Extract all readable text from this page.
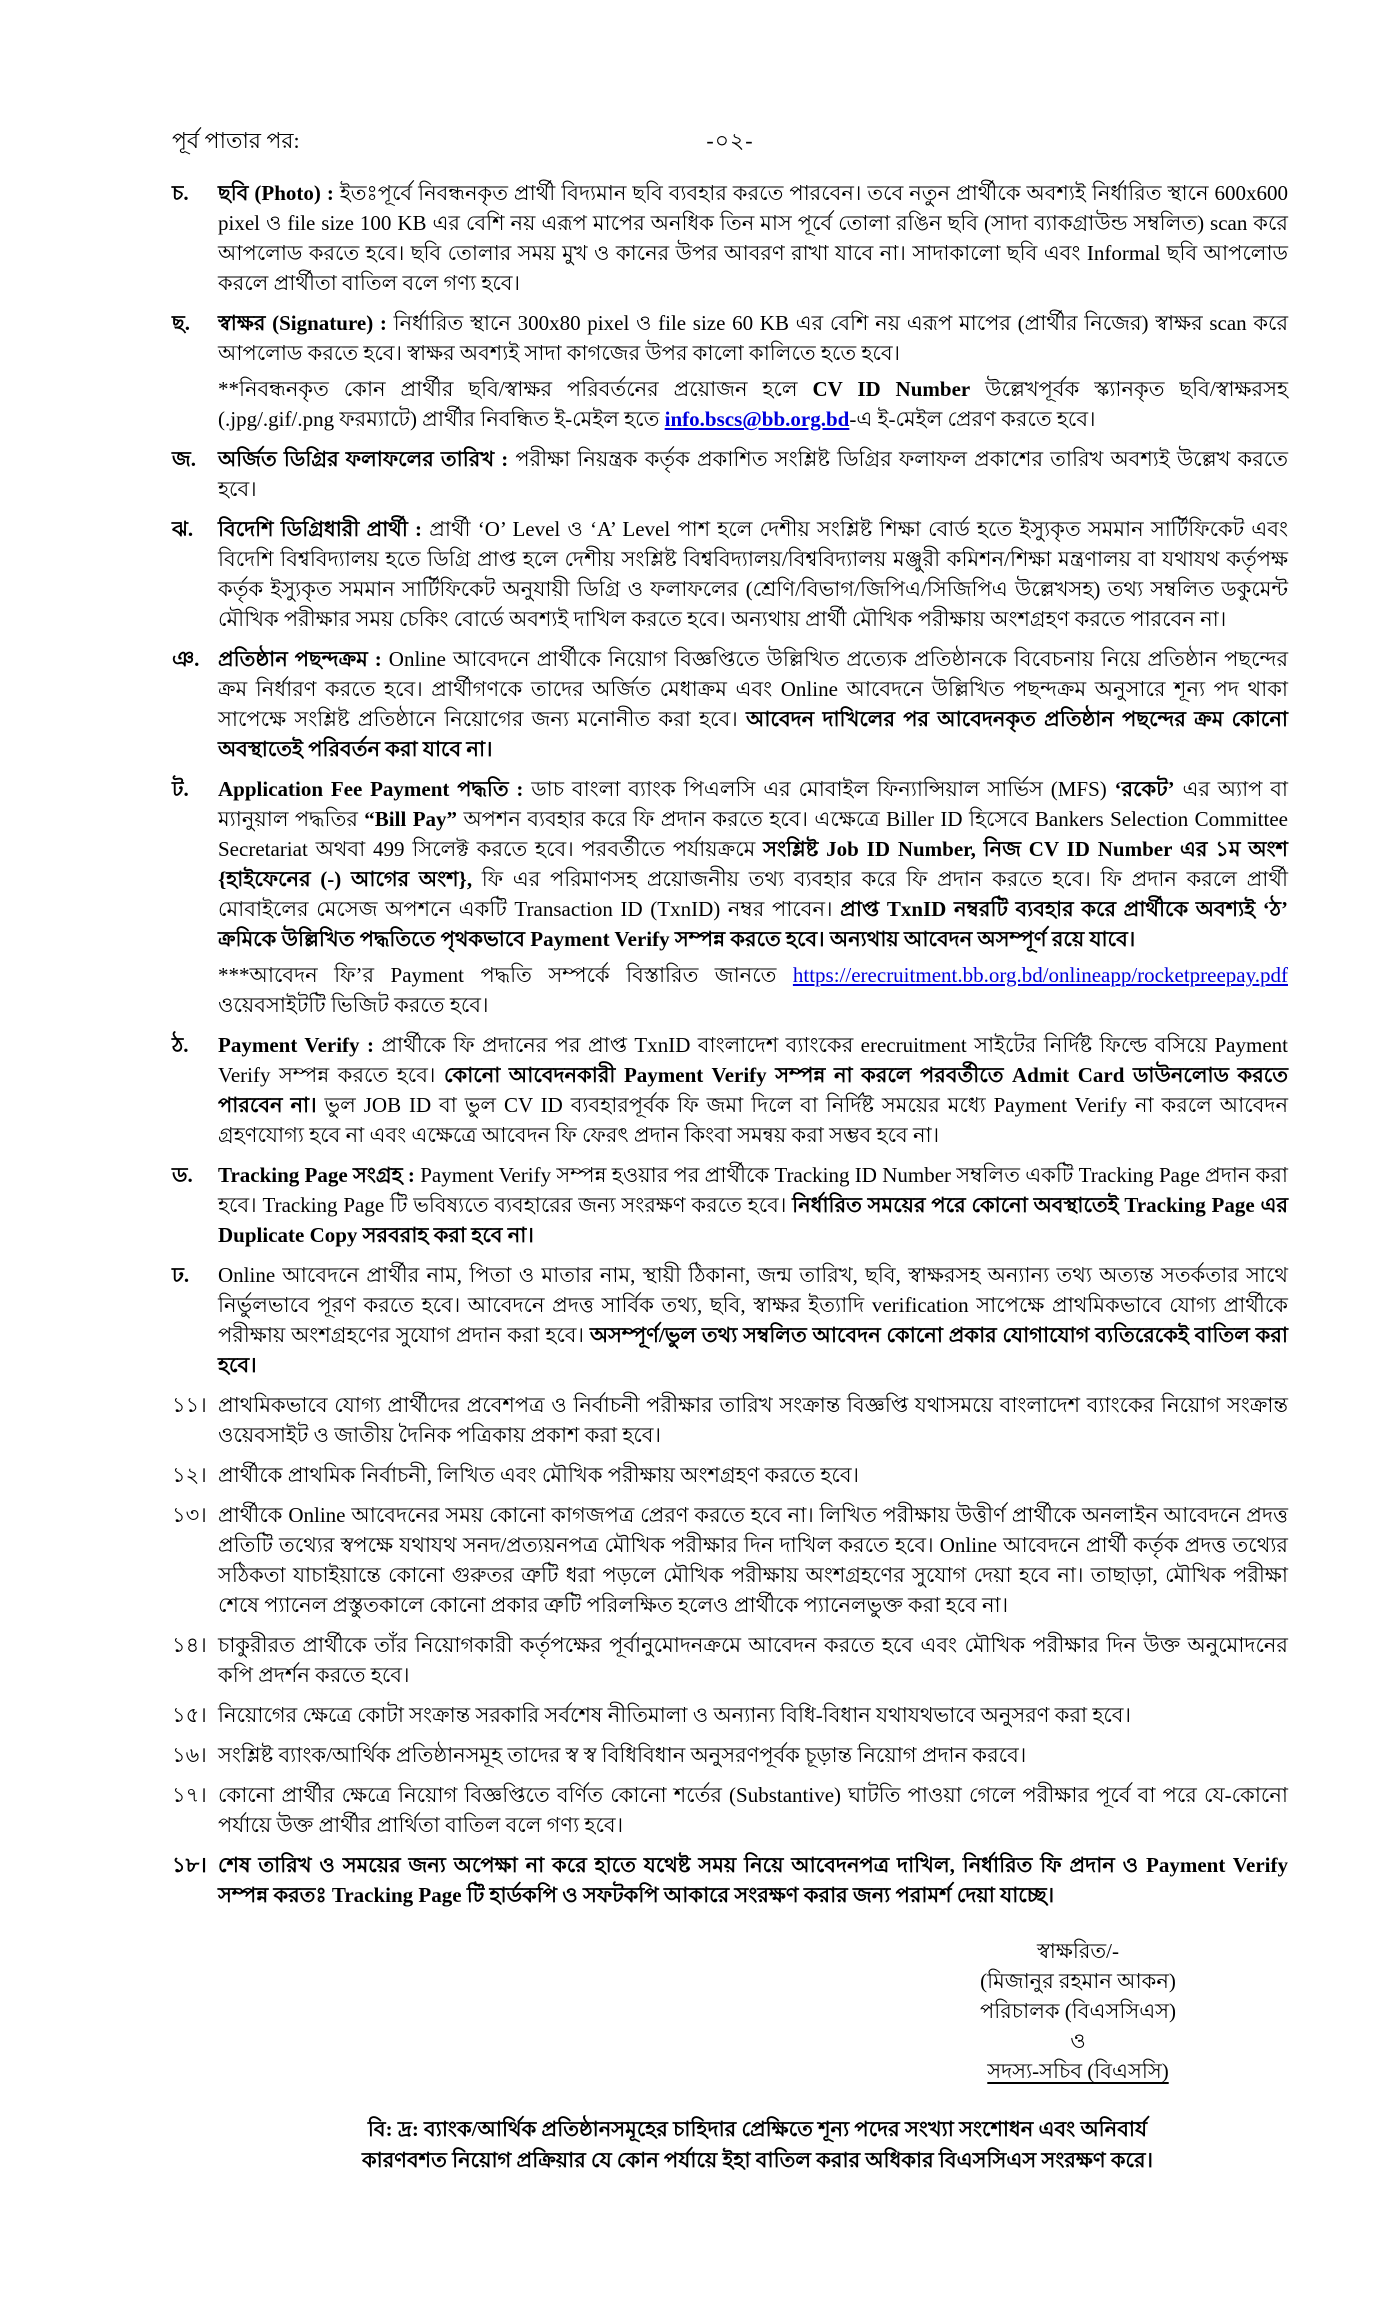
পূর্ব পাতার পর:	-০২-
চ.	ছবি (Photo) : ইতঃপূর্বে নিবন্ধনকৃত প্রার্থী বিদ্যমান ছবি ব্যবহার করতে পারবেন। তবে নতুন প্রার্থীকে অবশ্যই নির্ধারিত স্থানে 600x600 pixel ও file size 100 KB এর বেশি নয় এরূপ মাপের অনধিক তিন মাস পূর্বে তোলা রঙিন ছবি (সাদা ব্যাকগ্রাউন্ড সম্বলিত) scan করে আপলোড করতে হবে। ছবি তোলার সময় মুখ ও কানের উপর আবরণ রাখা যাবে না। সাদাকালো ছবি এবং Informal ছবি আপলোড করলে প্রার্থীতা বাতিল বলে গণ্য হবে।

ছ.	স্বাক্ষর (Signature) : নির্ধারিত স্থানে 300x80 pixel ও file size 60 KB এর বেশি নয় এরূপ মাপের (প্রার্থীর নিজের) স্বাক্ষর scan করে আপলোড করতে হবে। স্বাক্ষর অবশ্যই সাদা কাগজের উপর কালো কালিতে হতে হবে।

**নিবন্ধনকৃত কোন প্রার্থীর ছবি/স্বাক্ষর পরিবর্তনের প্রয়োজন হলে CV ID Number উল্লেখপূর্বক স্ক্যানকৃত ছবি/স্বাক্ষরসহ (.jpg/.gif/.png ফরম্যাটে) প্রার্থীর নিবন্ধিত ই-মেইল হতে info.bscs@bb.org.bd-এ ই-মেইল প্রেরণ করতে হবে।

জ.	অর্জিত ডিগ্রির ফলাফলের তারিখ : পরীক্ষা নিয়ন্ত্রক কর্তৃক প্রকাশিত সংশ্লিষ্ট ডিগ্রির ফলাফল প্রকাশের তারিখ অবশ্যই উল্লেখ করতে হবে।

ঝ.	বিদেশি ডিগ্রিধারী প্রার্থী : প্রার্থী ‘O’ Level ও ‘A’ Level পাশ হলে দেশীয় সংশ্লিষ্ট শিক্ষা বোর্ড হতে ইস্যুকৃত সমমান সার্টিফিকেট এবং বিদেশি বিশ্ববিদ্যালয় হতে ডিগ্রি প্রাপ্ত হলে দেশীয় সংশ্লিষ্ট বিশ্ববিদ্যালয়/বিশ্ববিদ্যালয় মঞ্জুরী কমিশন/শিক্ষা মন্ত্রণালয় বা যথাযথ কর্তৃপক্ষ কর্তৃক ইস্যুকৃত সমমান সার্টিফিকেট অনুযায়ী ডিগ্রি ও ফলাফলের (শ্রেণি/বিভাগ/জিপিএ/সিজিপিএ উল্লেখসহ) তথ্য সম্বলিত ডকুমেন্ট মৌখিক পরীক্ষার সময় চেকিং বোর্ডে অবশ্যই দাখিল করতে হবে। অন্যথায় প্রার্থী মৌখিক পরীক্ষায় অংশগ্রহণ করতে পারবেন না।

ঞ. প্রতিষ্ঠান পছন্দক্রম : Online আবেদনে প্রার্থীকে নিয়োগ বিজ্ঞপ্তিতে উল্লিখিত প্রত্যেক প্রতিষ্ঠানকে বিবেচনায় নিয়ে প্রতিষ্ঠান পছন্দের ক্রম নির্ধারণ করতে হবে। প্রার্থীগণকে তাদের অর্জিত মেধাক্রম এবং Online আবেদনে উল্লিখিত পছন্দক্রম অনুসারে শূন্য পদ থাকা সাপেক্ষে সংশ্লিষ্ট প্রতিষ্ঠানে নিয়োগের জন্য মনোনীত করা হবে। আবেদন দাখিলের পর আবেদনকৃত প্রতিষ্ঠান পছন্দের ক্রম কোনো অবস্থাতেই পরিবর্তন করা যাবে না।

ট.	Application Fee Payment পদ্ধতি : ডাচ বাংলা ব্যাংক পিএলসি এর মোবাইল ফিন্যান্সিয়াল সার্ভিস (MFS) ‘রকেট’ এর অ্যাপ বা ম্যানুয়াল পদ্ধতির “Bill Pay” অপশন ব্যবহার করে ফি প্রদান করতে হবে। এক্ষেত্রে Biller ID হিসেবে Bankers Selection Committee Secretariat অথবা 499 সিলেক্ট করতে হবে। পরবর্তীতে পর্যায়ক্রমে সংশ্লিষ্ট Job ID Number, নিজ CV ID Number এর ১ম অংশ {হাইফেনের (-) আগের অংশ}, ফি এর পরিমাণসহ প্রয়োজনীয় তথ্য ব্যবহার করে ফি প্রদান করতে হবে। ফি প্রদান করলে প্রার্থী মোবাইলের মেসেজ অপশনে একটি Transaction ID (TxnID) নম্বর পাবেন। প্রাপ্ত TxnID নম্বরটি ব্যবহার করে প্রার্থীকে অবশ্যই ‘ঠ’ ক্রমিকে উল্লিখিত পদ্ধতিতে পৃথকভাবে Payment Verify সম্পন্ন করতে হবে। অন্যথায় আবেদন অসম্পূর্ণ রয়ে যাবে।

***আবেদন ফি’র Payment পদ্ধতি সম্পর্কে বিস্তারিত জানতে https://erecruitment.bb.org.bd/onlineapp/rocketpreepay.pdf ওয়েবসাইটটি ভিজিট করতে হবে।

ঠ.	Payment Verify : প্রার্থীকে ফি প্রদানের পর প্রাপ্ত TxnID বাংলাদেশ ব্যাংকের erecruitment সাইটের নির্দিষ্ট ফিল্ডে বসিয়ে Payment Verify সম্পন্ন করতে হবে। কোনো আবেদনকারী Payment Verify সম্পন্ন না করলে পরবর্তীতে Admit Card ডাউনলোড করতে পারবেন না। ভুল JOB ID বা ভুল CV ID ব্যবহারপূর্বক ফি জমা দিলে বা নির্দিষ্ট সময়ের মধ্যে Payment Verify না করলে আবেদন গ্রহণযোগ্য হবে না এবং এক্ষেত্রে আবেদন ফি ফেরৎ প্রদান কিংবা সমন্বয় করা সম্ভব হবে না।

ড.	Tracking Page সংগ্রহ : Payment Verify সম্পন্ন হওয়ার পর প্রার্থীকে Tracking ID Number সম্বলিত একটি Tracking Page প্রদান করা হবে। Tracking Page টি ভবিষ্যতে ব্যবহারের জন্য সংরক্ষণ করতে হবে। নির্ধারিত সময়ের পরে কোনো অবস্থাতেই Tracking Page এর Duplicate Copy সরবরাহ করা হবে না।

ঢ.	Online আবেদনে প্রার্থীর নাম, পিতা ও মাতার নাম, স্থায়ী ঠিকানা, জন্ম তারিখ, ছবি, স্বাক্ষরসহ অন্যান্য তথ্য অত্যন্ত সতর্কতার সাথে নির্ভুলভাবে পূরণ করতে হবে। আবেদনে প্রদত্ত সার্বিক তথ্য, ছবি, স্বাক্ষর ইত্যাদি verification সাপেক্ষে প্রাথমিকভাবে যোগ্য প্রার্থীকে পরীক্ষায় অংশগ্রহণের সুযোগ প্রদান করা হবে। অসম্পূর্ণ/ভুল তথ্য সম্বলিত আবেদন কোনো প্রকার যোগাযোগ ব্যতিরেকেই বাতিল করা হবে।

১১। প্রাথমিকভাবে যোগ্য প্রার্থীদের প্রবেশপত্র ও নির্বাচনী পরীক্ষার তারিখ সংক্রান্ত বিজ্ঞপ্তি যথাসময়ে বাংলাদেশ ব্যাংকের নিয়োগ সংক্রান্ত ওয়েবসাইট ও জাতীয় দৈনিক পত্রিকায় প্রকাশ করা হবে।

১২। প্রার্থীকে প্রাথমিক নির্বাচনী, লিখিত এবং মৌখিক পরীক্ষায় অংশগ্রহণ করতে হবে।

১৩। প্রার্থীকে Online আবেদনের সময় কোনো কাগজপত্র প্রেরণ করতে হবে না। লিখিত পরীক্ষায় উত্তীর্ণ প্রার্থীকে অনলাইন আবেদনে প্রদত্ত প্রতিটি তথ্যের স্বপক্ষে যথাযথ সনদ/প্রত্যয়নপত্র মৌখিক পরীক্ষার দিন দাখিল করতে হবে। Online আবেদনে প্রার্থী কর্তৃক প্রদত্ত তথ্যের সঠিকতা যাচাইয়ান্তে কোনো গুরুতর ত্রুটি ধরা পড়লে মৌখিক পরীক্ষায় অংশগ্রহণের সুযোগ দেয়া হবে না। তাছাড়া, মৌখিক পরীক্ষা শেষে প্যানেল প্রস্তুতকালে কোনো প্রকার ত্রুটি পরিলক্ষিত হলেও প্রার্থীকে প্যানেলভুক্ত করা হবে না।

১৪। চাকুরীরত প্রার্থীকে তাঁর নিয়োগকারী কর্তৃপক্ষের পূর্বানুমোদনক্রমে আবেদন করতে হবে এবং মৌখিক পরীক্ষার দিন উক্ত অনুমোদনের কপি প্রদর্শন করতে হবে।

১৫। নিয়োগের ক্ষেত্রে কোটা সংক্রান্ত সরকারি সর্বশেষ নীতিমালা ও অন্যান্য বিধি-বিধান যথাযথভাবে অনুসরণ করা হবে।

১৬। সংশ্লিষ্ট ব্যাংক/আর্থিক প্রতিষ্ঠানসমূহ তাদের স্ব স্ব বিধিবিধান অনুসরণপূর্বক চূড়ান্ত নিয়োগ প্রদান করবে।

১৭। কোনো প্রার্থীর ক্ষেত্রে নিয়োগ বিজ্ঞপ্তিতে বর্ণিত কোনো শর্তের (Substantive) ঘাটতি পাওয়া গেলে পরীক্ষার পূর্বে বা পরে যে-কোনো পর্যায়ে উক্ত প্রার্থীর প্রার্থিতা বাতিল বলে গণ্য হবে।

১৮। শেষ তারিখ ও সময়ের জন্য অপেক্ষা না করে হাতে যথেষ্ট সময় নিয়ে আবেদনপত্র দাখিল, নির্ধারিত ফি প্রদান ও Payment Verify সম্পন্ন করতঃ Tracking Page টি হার্ডকপি ও সফটকপি আকারে সংরক্ষণ করার জন্য পরামর্শ দেয়া যাচ্ছে।

স্বাক্ষরিত/-
(মিজানুর রহমান আকন)
পরিচালক (বিএসসিএস)
ও
সদস্য-সচিব (বিএসসি)
বি: দ্র: ব্যাংক/আর্থিক প্রতিষ্ঠানসমূহের চাহিদার প্রেক্ষিতে শূন্য পদের সংখ্যা সংশোধন এবং অনিবার্য
কারণবশত নিয়োগ প্রক্রিয়ার যে কোন পর্যায়ে ইহা বাতিল করার অধিকার বিএসসিএস সংরক্ষণ করে।
